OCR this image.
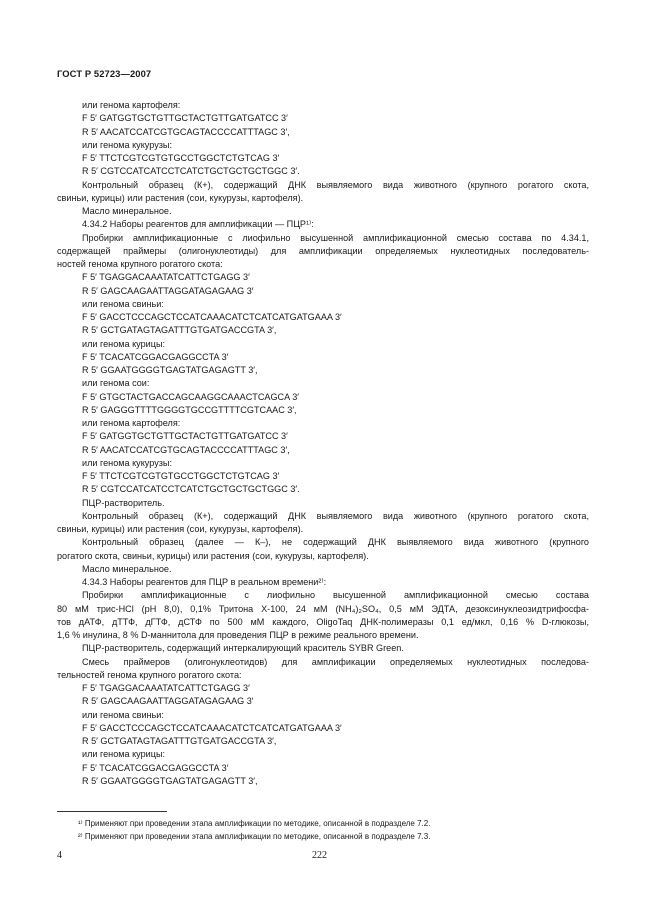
ГОСТ Р 52723—2007
или генома картофеля:
F 5′ GATGGTGCTGTTGCTACTGTTGATGATCC 3′
R 5′ AACATCCATCGTGCAGTACCCCATTTAGC 3′,
или генома кукурузы:
F 5′ TTCTCGTCGTGTGCCTGGCTCTGTCAG 3′
R 5′ CGTCCATCATCCTCATCTGCTGCTGCTGGC 3′.
Контрольный образец (К+), содержащий ДНК выявляемого вида животного (крупного рогатого скота,
свиньи, курицы) или растения (сои, кукурузы, картофеля).
Масло минеральное.
4.34.2 Наборы реагентов для амплификации — ПЦР¹⁾:
Пробирки амплификационные с лиофильно высушенной амплификационной смесью состава по 4.34.1,
содержащей праймеры (олигонуклеотиды) для амплификации определяемых нуклеотидных последователь-
ностей генома крупного рогатого скота:
F 5′ TGAGGACAAATATCATTCTGAGG 3′
R 5′ GAGCAAGAATTAGGATAGAGAAG 3′
или генома свиньи:
F 5′ GACCTCCCAGCTCCATCAAACATCTCATCATGATGAAA 3′
R 5′ GCTGATAGTAGATTTGTGATGACCGTA 3′,
или генома курицы:
F 5′ TCACATCGGACGAGGCCTA 3′
R 5′ GGAATGGGGTGAGTATGAGAGTT 3′,
или генома сои:
F 5′ GTGCTACTGACCAGCAAGGCAAACTCAGCA 3′
R 5′ GAGGGTTTTGGGGTGCCGTTTTCGTCAAC 3′,
или генома картофеля:
F 5′ GATGGTGCTGTTGCTACTGTTGATGATCC 3′
R 5′ AACATCCATCGTGCAGTACCCCATTTAGC 3′,
или генома кукурузы:
F 5′ TTCTCGTCGTGTGCCTGGCTCTGTCAG 3′
R 5′ CGTCCATCATCCTCATCTGCTGCTGCTGGC 3′.
ПЦР-растворитель.
Контрольный образец (К+), содержащий ДНК выявляемого вида животного (крупного рогатого скота,
свиньи, курицы) или растения (сои, кукурузы, картофеля).
Контрольный образец (далее — К–), не содержащий ДНК выявляемого вида животного (крупного
рогатого скота, свиньи, курицы) или растения (сои, кукурузы, картофеля).
Масло минеральное.
4.34.3 Наборы реагентов для ПЦР в реальном времени²⁾:
Пробирки амплификационные с лиофильно высушенной амплификационной смесью состава
80 мМ трис-HCl (pH 8,0), 0,1% Тритона Х-100, 24 мМ (NH₄)₂SO₄, 0,5 мМ ЭДТА, дезоксинуклеозидтрифосфа-
тов дАТФ, дТТФ, дГТФ, дСТФ по 500 мМ каждого, OligoTaq ДНК-полимеразы 0,1 ед/мкл, 0,16 % D-глюкозы,
1,6 % инулина, 8 % D-маннитола для проведения ПЦР в режиме реального времени.
ПЦР-растворитель, содержащий интеркалирующий краситель SYBR Green.
Смесь праймеров (олигонуклеотидов) для амплификации определяемых нуклеотидных последова-
тельностей генома крупного рогатого скота:
F 5′ TGAGGACAAATATCATTCTGAGG 3′
R 5′ GAGCAAGAATTAGGATAGAGAAG 3′
или генома свиньи:
F 5′ GACCTCCCAGCTCCATCAAACATCTCATCATGATGAAA 3′
R 5′ GCTGATAGTAGATTTGTGATGACCGTA 3′,
или генома курицы:
F 5′ TCACATCGGACGAGGCCTA 3′
R 5′ GGAATGGGGTGAGTATGAGAGTT 3′,
¹⁾ Применяют при проведении этапа амплификации по методике, описанной в подразделе 7.2.
²⁾ Применяют при проведении этапа амплификации по методике, описанной в подразделе 7.3.
4	222
